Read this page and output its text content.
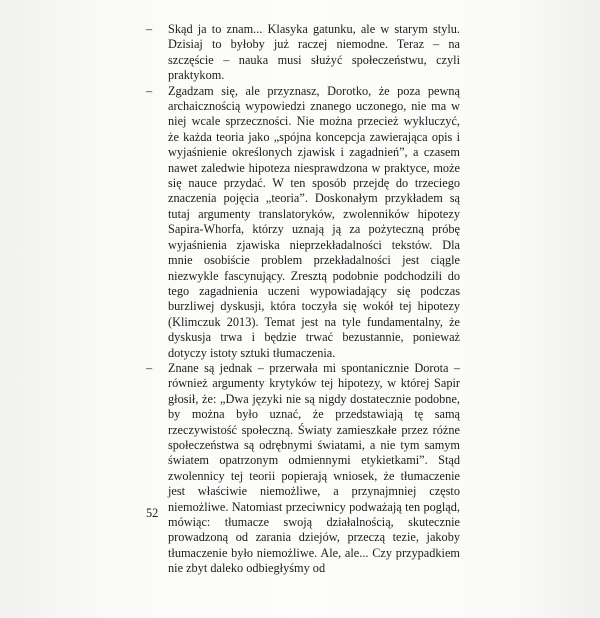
– Skąd ja to znam... Klasyka gatunku, ale w starym stylu. Dzisiaj to byłoby już raczej niemodne. Teraz – na szczęście – nauka musi służyć społeczeństwu, czyli praktykom.

– Zgadzam się, ale przyznasz, Dorotko, że poza pewną archaicznością wypowiedzi znanego uczonego, nie ma w niej wcale sprzeczności. Nie można przecież wykluczyć, że każda teoria jako „spójna koncepcja zawierająca opis i wyjaśnienie określonych zjawisk i zagadnień”, a czasem nawet zaledwie hipoteza niesprawdzona w praktyce, może się nauce przydać. W ten sposób przejdę do trzeciego znaczenia pojęcia „teoria”. Doskonałym przykładem są tutaj argumenty translatoryków, zwolenników hipotezy Sapira-Whorfa, którzy uznają ją za pożyteczną próbę wyjaśnienia zjawiska nieprzekładalności tekstów. Dla mnie osobiście problem przekładalności jest ciągle niezwykle fascynujący. Zresztą podobnie podchodzili do tego zagadnienia uczeni wypowiadający się podczas burzliwej dyskusji, która toczyła się wokół tej hipotezy (Klimczuk 2013). Temat jest na tyle fundamentalny, że dyskusja trwa i będzie trwać bezustannie, ponieważ dotyczy istoty sztuki tłumaczenia.

– Znane są jednak – przerwała mi spontanicznie Dorota – również argumenty krytyków tej hipotezy, w której Sapir głosił, że: „Dwa języki nie są nigdy dostatecznie podobne, by można było uznać, że przedstawiają tę samą rzeczywistość społeczną. Światy zamieszkałe przez różne społeczeństwa są odrębnymi światami, a nie tym samym światem opatrzonym odmiennymi etykietkami”. Stąd zwolennicy tej teorii popierają wniosek, że tłumaczenie jest właściwie niemożliwe, a przynajmniej często niemożliwe. Natomiast przeciwnicy podważają ten pogląd, mówiąc: tłumacze swoją działalnością, skutecznie prowadzoną od zarania dziejów, przeczą tezie, jakoby tłumaczenie było niemożliwe. Ale, ale... Czy przypadkiem nie zbyt daleko odbiegłyśmy od

52
